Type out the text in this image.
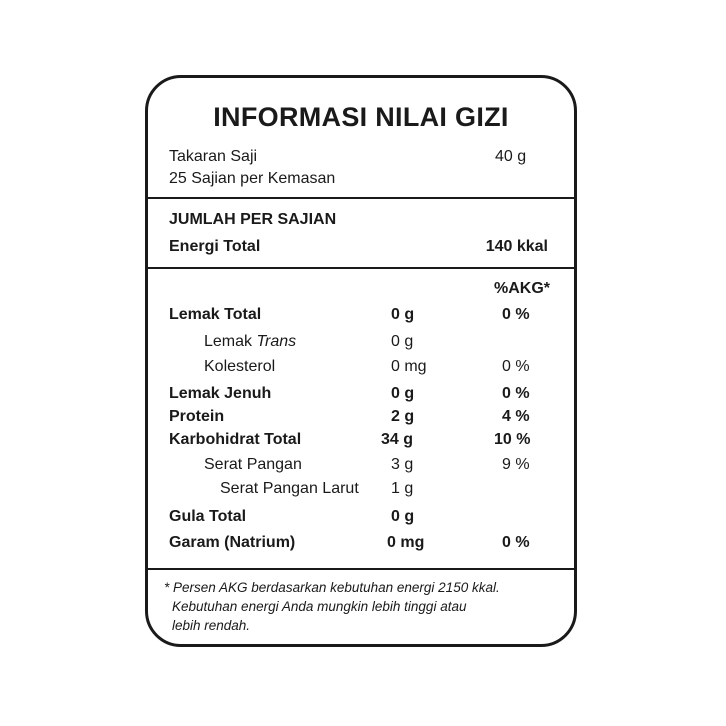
INFORMASI NILAI GIZI
Takaran Saji	40 g
25 Sajian per Kemasan
JUMLAH PER SAJIAN
Energi Total	140 kkal
%AKG*
Lemak Total	0 g	0 %
Lemak Trans	0 g
Kolesterol	0 mg	0 %
Lemak Jenuh	0 g	0 %
Protein	2 g	4 %
Karbohidrat Total	34 g	10 %
Serat Pangan	3 g	9 %
Serat Pangan Larut 1 g
Gula Total	0 g
Garam (Natrium)	0 mg	0 %
* Persen AKG berdasarkan kebutuhan energi 2150 kkal.
Kebutuhan energi Anda mungkin lebih tinggi atau
lebih rendah.
